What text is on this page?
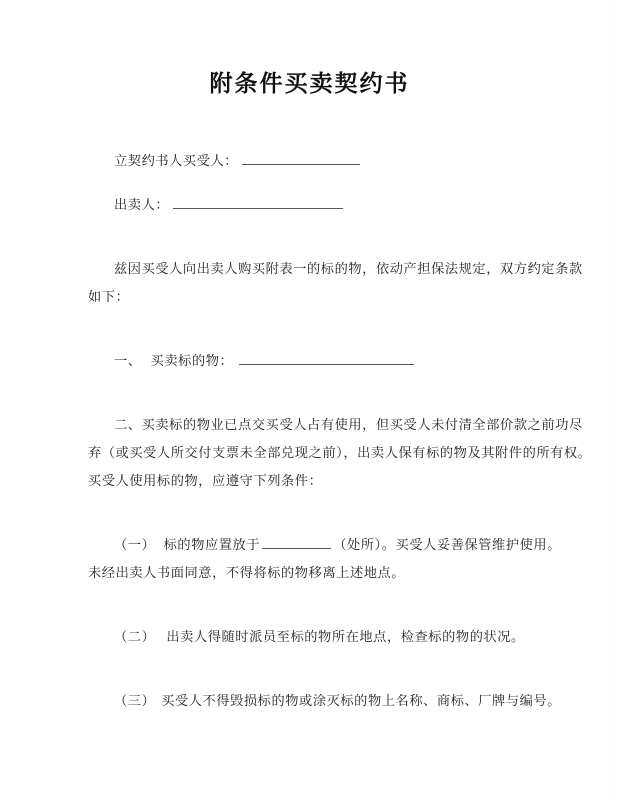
附条件买卖契约书
立契约书人买受人：
出卖人：

兹因买受人向出卖人购买附表一的标的物，依动产担保法规定，双方约定条款

如下：

一、 买卖标的物：
二、 买卖标的物业已点交买受人占有使用，但买受人未付清全部价款之前功尽

弃（或买受人所交付支票未全部兑现之前），出卖人保有标的物及其附件的所有权。

买受人使用标的物，应遵守下列条件：

（一） 标的物应置放于	（处所）。买受人妥善保管维护使用。

未经出卖人书面同意，不得将标的物移离上述地点。

（二） 出卖人得随时派员至标的物所在地点，检查标的物的状况。
（三） 买受人不得毁损标的物或涂灭标的物上名称、商标、厂牌与编号。
